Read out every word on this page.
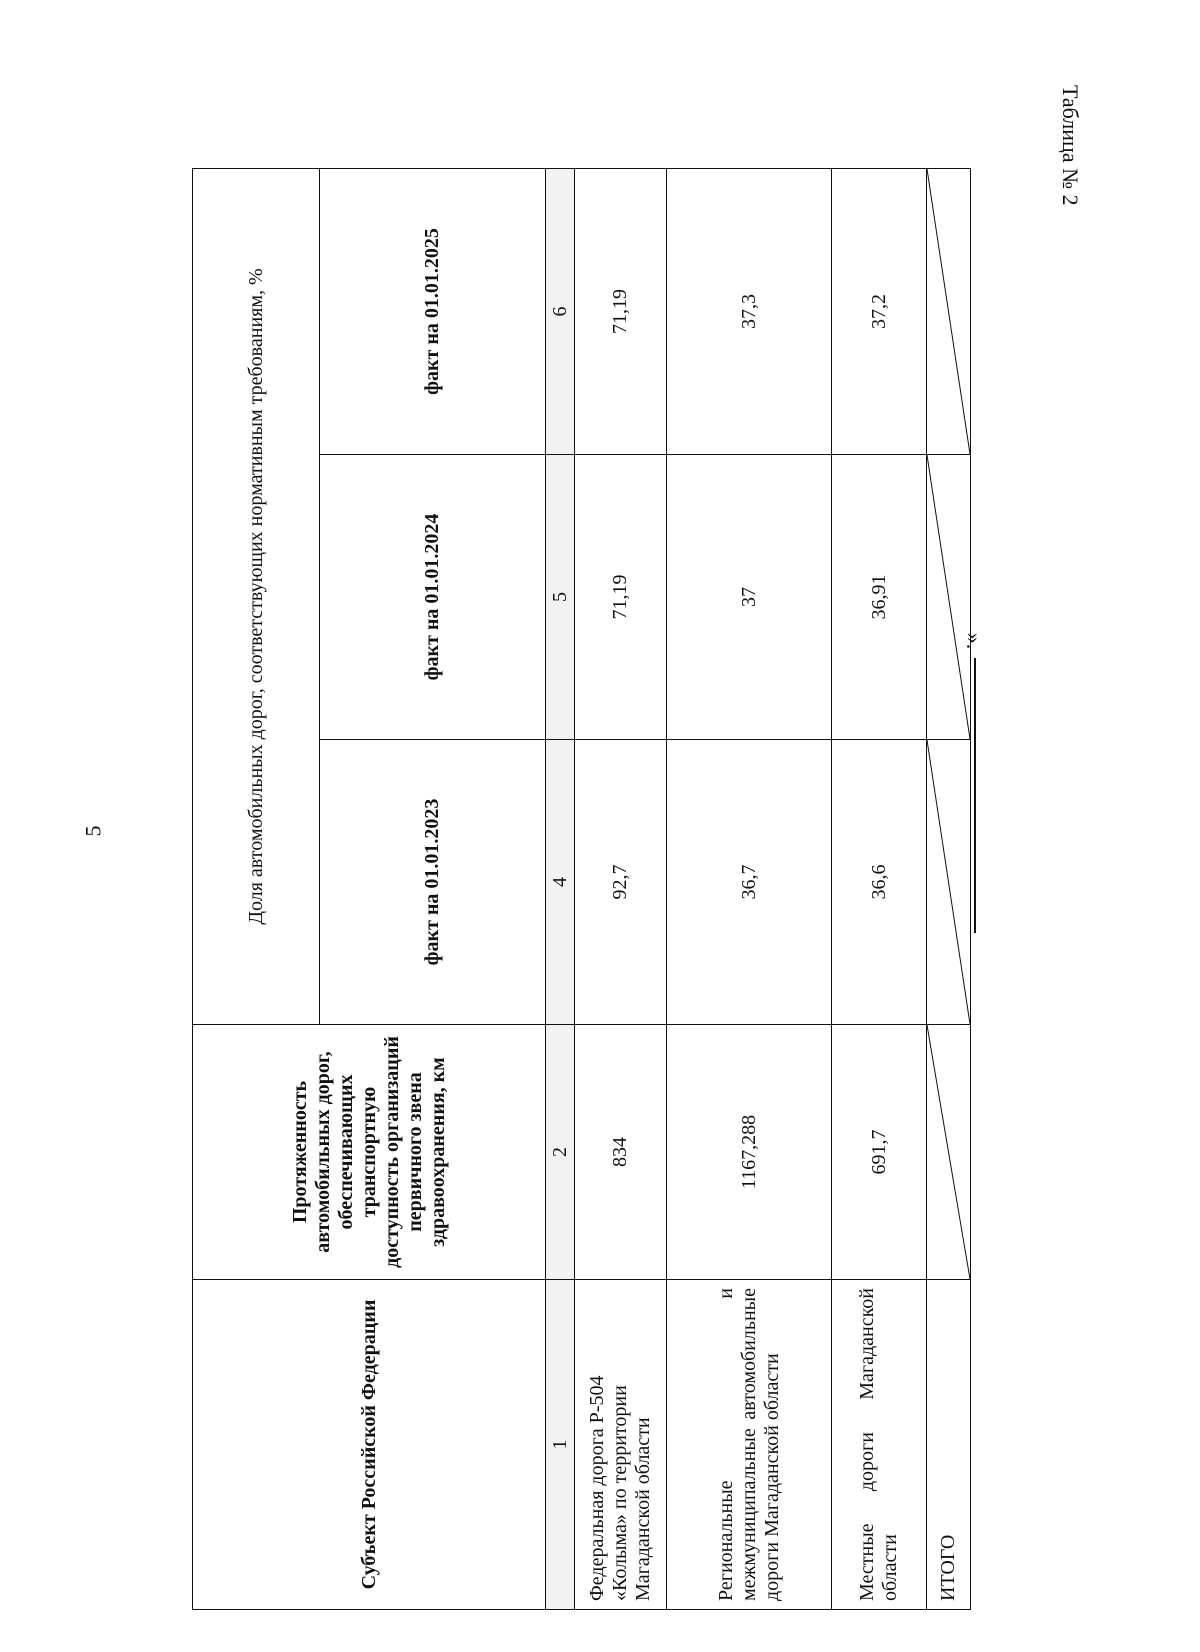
5
Таблица № 2
Субъект Российской Федерации	Протяженность автомобильных дорог, обеспечивающих транспортную доступность организаций первичного звена здравоохранения, км	Доля автомобильных дорог, соответствующих нормативным требованиям, %		
		факт на 01.01.2023	факт на 01.01.2024	факт на 01.01.2025
1	2	4	5	6
Федеральная дорога Р-504 «Колыма» по территории Магаданской области	834	92,7	71,19	71,19
Региональные и межмуниципальные автомобильные дороги Магаданской области	1167,288	36,7	37	37,3
Местные дороги Магаданской области	691,7	36,6	36,91	37,2
ИТОГО	

».
